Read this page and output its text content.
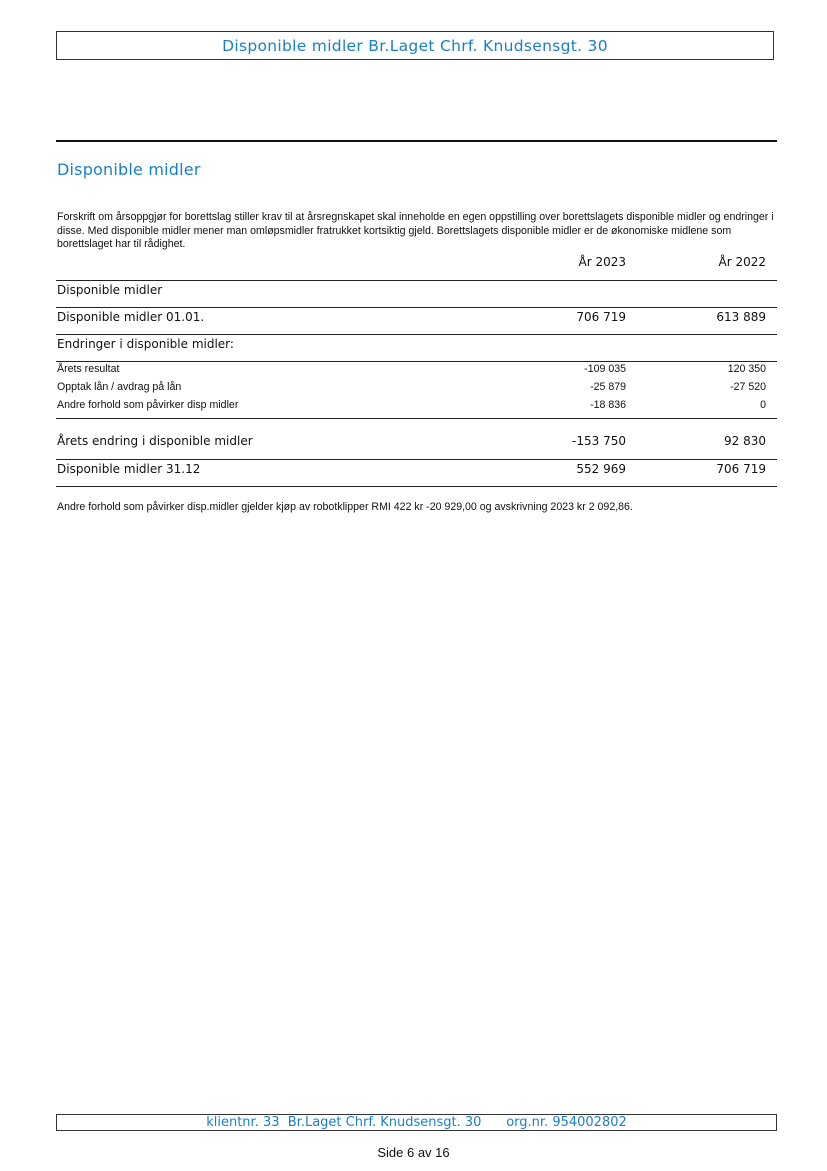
Disponible midler Br.Laget Chrf. Knudsensgt. 30
Disponible midler
Forskrift om årsoppgjør for borettslag stiller krav til at årsregnskapet skal inneholde en egen oppstilling over borettslagets disponible midler og endringer i disse. Med disponible midler mener man omløpsmidler fratrukket kortsiktig gjeld. Borettslagets disponible midler er de økonomiske midlene som borettslaget har til rådighet.
År 2023	År 2022
Disponible midler
Disponible midler 01.01.	706 719	613 889
Endringer i disponible midler:
Årets resultat	-109 035	120 350
Opptak lån / avdrag på lån	-25 879	-27 520
Andre forhold som påvirker disp midler	-18 836	0
Årets endring i disponible midler	-153 750	92 830
Disponible midler 31.12	552 969	706 719
Andre forhold som påvirker disp.midler gjelder kjøp av robotklipper RMI 422 kr -20 929,00 og avskrivning 2023 kr 2 092,86.
klientnr. 33  Br.Laget Chrf. Knudsensgt. 30
org.nr. 954002802
Side 6 av 16
